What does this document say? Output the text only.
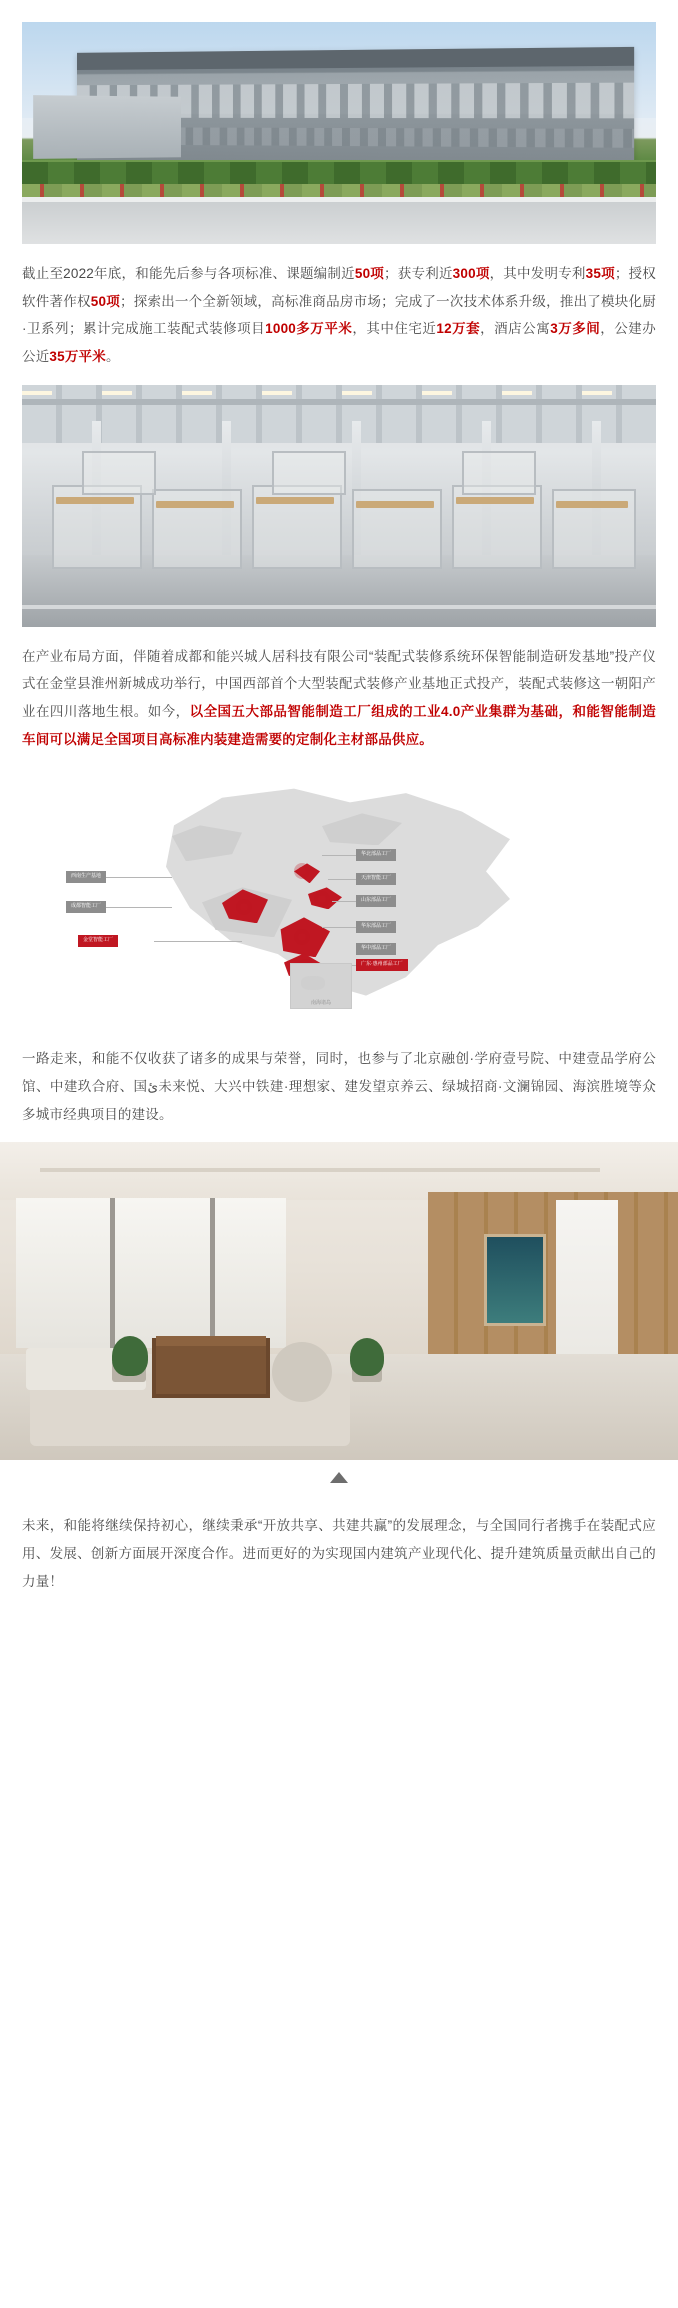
截止至2022年底，和能先后参与各项标准、课题编制近50项；获专利近300项，其中发明专利35项；授权软件著作权50项；探索出一个全新领域，高标准商品房市场；完成了一次技术体系升级，推出了模块化厨·卫系列；累计完成施工装配式装修项目1000多万平米，其中住宅近12万套，酒店公寓3万多间，公建办公近35万平米。

在产业布局方面，伴随着成都和能兴城人居科技有限公司“装配式装修系统环保智能制造研发基地”投产仪式在金堂县淮州新城成功举行，中国西部首个大型装配式装修产业基地正式投产，装配式装修这一朝阳产业在四川落地生根。如今，以全国五大部品智能制造工厂组成的工业4.0产业集群为基础，和能智能制造车间可以满足全国项目高标准内装建造需要的定制化主材部品供应。

西南生产基地
成都智能工厂
金堂智能工厂
华北部品工厂
天津智能工厂
山东部品工厂
华东部品工厂
华中部品工厂
广东·惠州部品工厂
南海诸岛

一路走来，和能不仅收获了诸多的成果与荣誉，同时，也参与了北京融创·学府壹号院、中建壹品学府公馆、中建玖合府、国ئ未来悦、大兴中铁建·理想家、建发望京养云、绿城招商·文澜锦园、海滨胜境等众多城市经典项目的建设。

未来，和能将继续保持初心，继续秉承“开放共享、共建共赢”的发展理念，与全国同行者携手在装配式应用、发展、创新方面展开深度合作。进而更好的为实现国内建筑产业现代化、提升建筑质量贡献出自己的力量！
